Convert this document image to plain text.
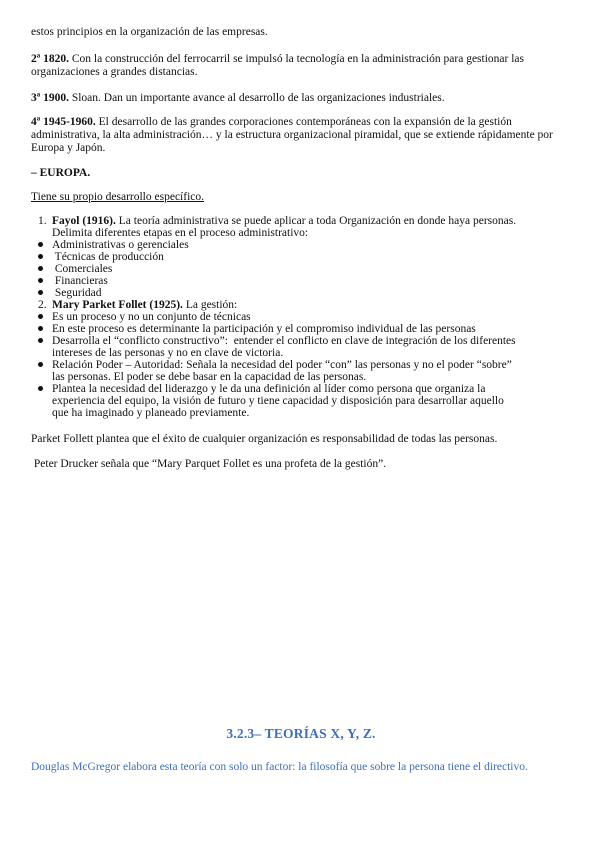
estos principios en la organización de las empresas.
2ª 1820. Con la construcción del ferrocarril se impulsó la tecnología en la administración para gestionar las organizaciones a grandes distancias.
3ª 1900. Sloan. Dan un importante avance al desarrollo de las organizaciones industriales.
4ª 1945-1960. El desarrollo de las grandes corporaciones contemporáneas con la expansión de la gestión administrativa, la alta administración… y la estructura organizacional piramidal, que se extiende rápidamente por Europa y Japón.
– EUROPA.
Tiene su propio desarrollo específico.
1. Fayol (1916). La teoría administrativa se puede aplicar a toda Organización en donde haya personas.
Delimita diferentes etapas en el proceso administrativo:
Administrativas o gerenciales
Técnicas de producción
Comerciales
Financieras
Seguridad
2. Mary Parket Follet (1925). La gestión:
Es un proceso y no un conjunto de técnicas
En este proceso es determinante la participación y el compromiso individual de las personas
Desarrolla el “conflicto constructivo”:  entender el conflicto en clave de integración de los diferentes
intereses de las personas y no en clave de victoria.
Relación Poder – Autoridad: Señala la necesidad del poder “con” las personas y no el poder “sobre”
las personas. El poder se debe basar en la capacidad de las personas.
Plantea la necesidad del liderazgo y le da una definición al líder como persona que organiza la
experiencia del equipo, la visión de futuro y tiene capacidad y disposición para desarrollar aquello
que ha imaginado y planeado previamente.
Parket Follett plantea que el éxito de cualquier organización es responsabilidad de todas las personas.
Peter Drucker señala que “Mary Parquet Follet es una profeta de la gestión”.
3.2.3– TEORÍAS X, Y, Z.
Douglas McGregor elabora esta teoría con solo un factor: la filosofía que sobre la persona tiene el directivo.
